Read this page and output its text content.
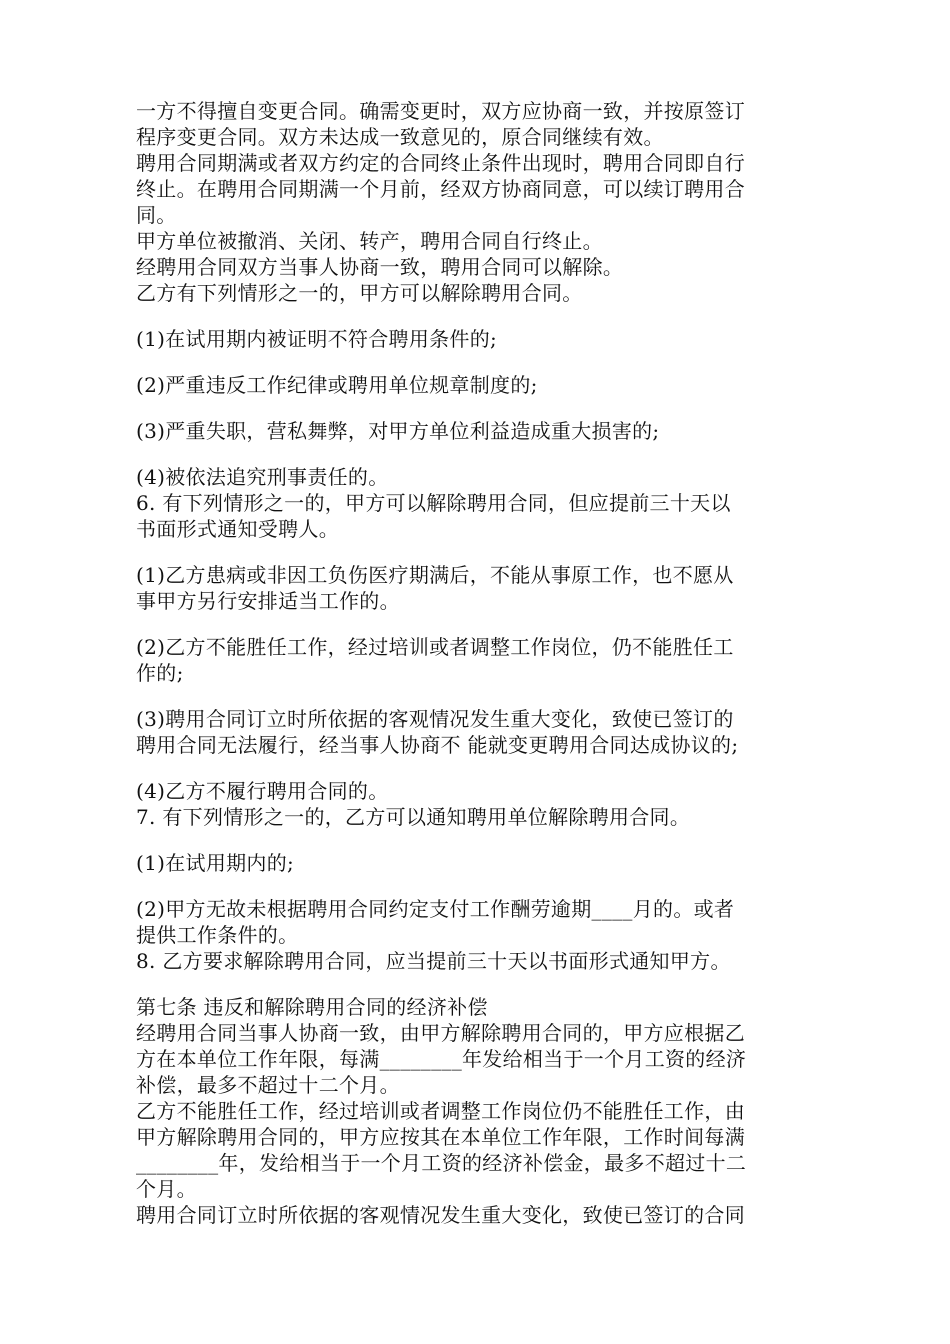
一方不得擅自变更合同。确需变更时，双方应协商一致，并按原签订
程序变更合同。双方未达成一致意见的，原合同继续有效。
聘用合同期满或者双方约定的合同终止条件出现时，聘用合同即自行
终止。在聘用合同期满一个月前，经双方协商同意，可以续订聘用合
同。
甲方单位被撤消、关闭、转产，聘用合同自行终止。
经聘用合同双方当事人协商一致，聘用合同可以解除。
乙方有下列情形之一的，甲方可以解除聘用合同。
(1)在试用期内被证明不符合聘用条件的;
(2)严重违反工作纪律或聘用单位规章制度的;
(3)严重失职，营私舞弊，对甲方单位利益造成重大损害的;
(4)被依法追究刑事责任的。
6. 有下列情形之一的，甲方可以解除聘用合同，但应提前三十天以
书面形式通知受聘人。
(1)乙方患病或非因工负伤医疗期满后，不能从事原工作，也不愿从
事甲方另行安排适当工作的。
(2)乙方不能胜任工作，经过培训或者调整工作岗位，仍不能胜任工
作的;
(3)聘用合同订立时所依据的客观情况发生重大变化，致使已签订的
聘用合同无法履行，经当事人协商不 能就变更聘用合同达成协议的;
(4)乙方不履行聘用合同的。
7. 有下列情形之一的，乙方可以通知聘用单位解除聘用合同。
(1)在试用期内的;
(2)甲方无故未根据聘用合同约定支付工作酬劳逾期____月的。或者
提供工作条件的。
8. 乙方要求解除聘用合同，应当提前三十天以书面形式通知甲方。
第七条 违反和解除聘用合同的经济补偿
经聘用合同当事人协商一致，由甲方解除聘用合同的，甲方应根据乙
方在本单位工作年限，每满________年发给相当于一个月工资的经济
补偿，最多不超过十二个月。
乙方不能胜任工作，经过培训或者调整工作岗位仍不能胜任工作，由
甲方解除聘用合同的，甲方应按其在本单位工作年限，工作时间每满
________年，发给相当于一个月工资的经济补偿金，最多不超过十二
个月。
聘用合同订立时所依据的客观情况发生重大变化，致使已签订的合同
